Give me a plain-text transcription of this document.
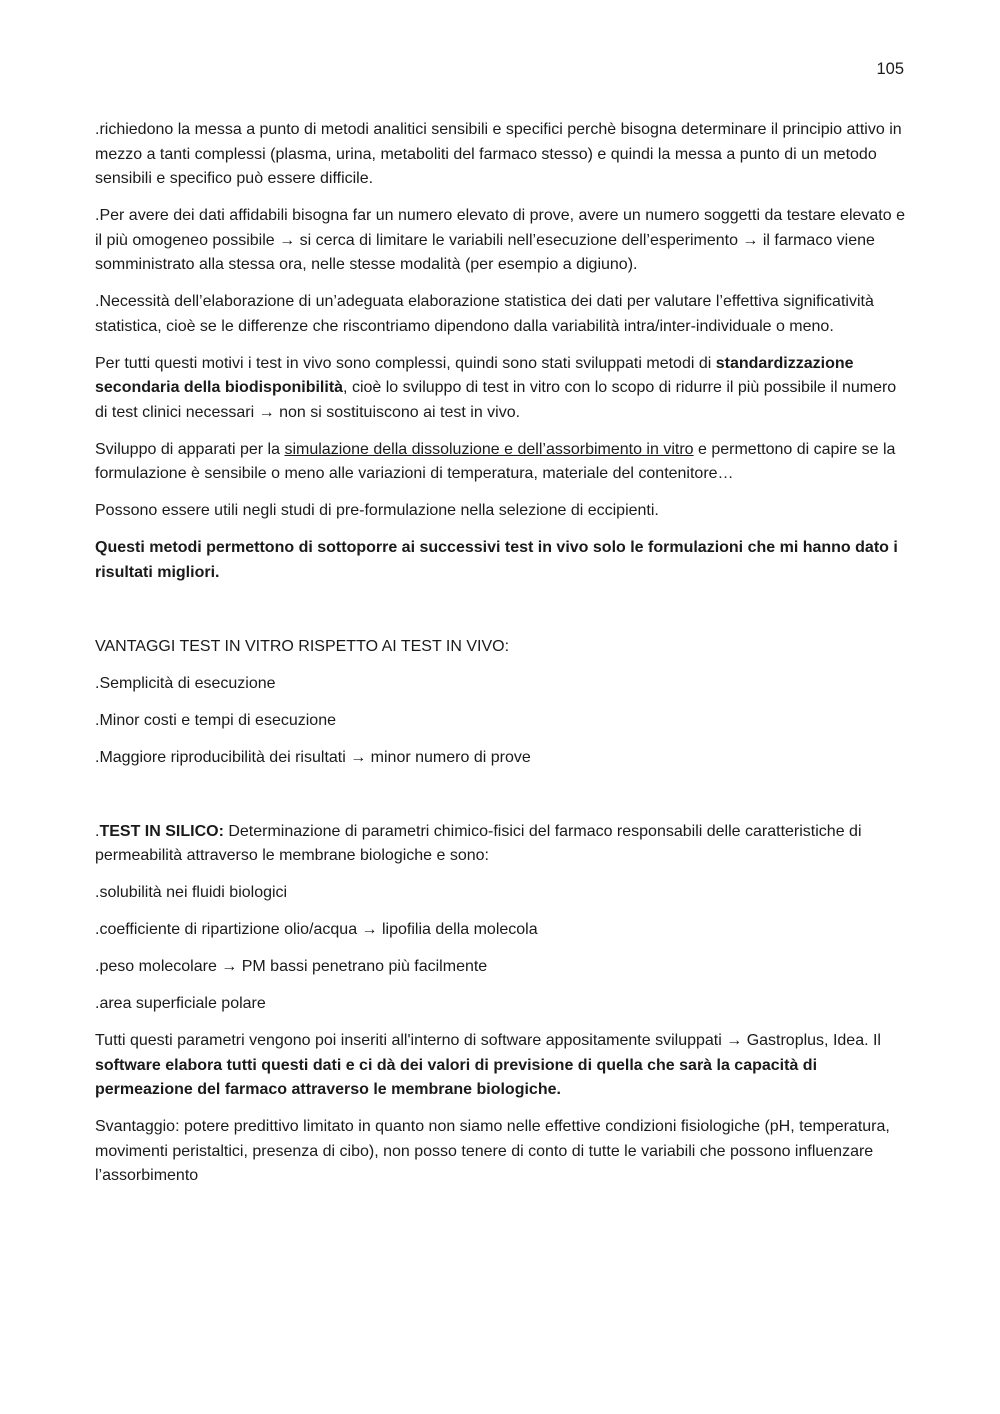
105

.richiedono la messa a punto di metodi analitici sensibili e specifici perchè bisogna determinare il principio attivo in mezzo a tanti complessi (plasma, urina, metaboliti del farmaco stesso) e quindi la messa a punto di un metodo sensibili e specifico può essere difficile.

.Per avere dei dati affidabili bisogna far un numero elevato di prove, avere un numero soggetti da testare elevato e il più omogeneo possibile → si cerca di limitare le variabili nell’esecuzione dell’esperimento → il farmaco viene somministrato alla stessa ora, nelle stesse modalità (per esempio a digiuno).

.Necessità dell’elaborazione di un’adeguata elaborazione statistica dei dati per valutare l’effettiva significatività statistica, cioè se le differenze che riscontriamo dipendono dalla variabilità intra/inter-individuale o meno.

Per tutti questi motivi i test in vivo sono complessi, quindi sono stati sviluppati metodi di standardizzazione secondaria della biodisponibilità, cioè lo sviluppo di test in vitro con lo scopo di ridurre il più possibile il numero di test clinici necessari → non si sostituiscono ai test in vivo.

Sviluppo di apparati per la simulazione della dissoluzione e dell’assorbimento in vitro e permettono di capire se la formulazione è sensibile o meno alle variazioni di temperatura, materiale del contenitore…

Possono essere utili negli studi di pre-formulazione nella selezione di eccipienti.

Questi metodi permettono di sottoporre ai successivi test in vivo solo le formulazioni che mi hanno dato i risultati migliori.

VANTAGGI TEST IN VITRO RISPETTO AI TEST IN VIVO:

.Semplicità di esecuzione

.Minor costi e tempi di esecuzione

.Maggiore riproducibilità dei risultati → minor numero di prove

.TEST IN SILICO: Determinazione di parametri chimico-fisici del farmaco responsabili delle caratteristiche di permeabilità attraverso le membrane biologiche e sono:

.solubilità nei fluidi biologici

.coefficiente di ripartizione olio/acqua → lipofilia della molecola

.peso molecolare → PM bassi penetrano più facilmente

.area superficiale polare

Tutti questi parametri vengono poi inseriti all'interno di software appositamente sviluppati → Gastroplus, Idea. Il software elabora tutti questi dati e ci dà dei valori di previsione di quella che sarà la capacità di permeazione del farmaco attraverso le membrane biologiche.

Svantaggio: potere predittivo limitato in quanto non siamo nelle effettive condizioni fisiologiche (pH, temperatura, movimenti peristaltici, presenza di cibo), non posso tenere di conto di tutte le variabili che possono influenzare l’assorbimento
